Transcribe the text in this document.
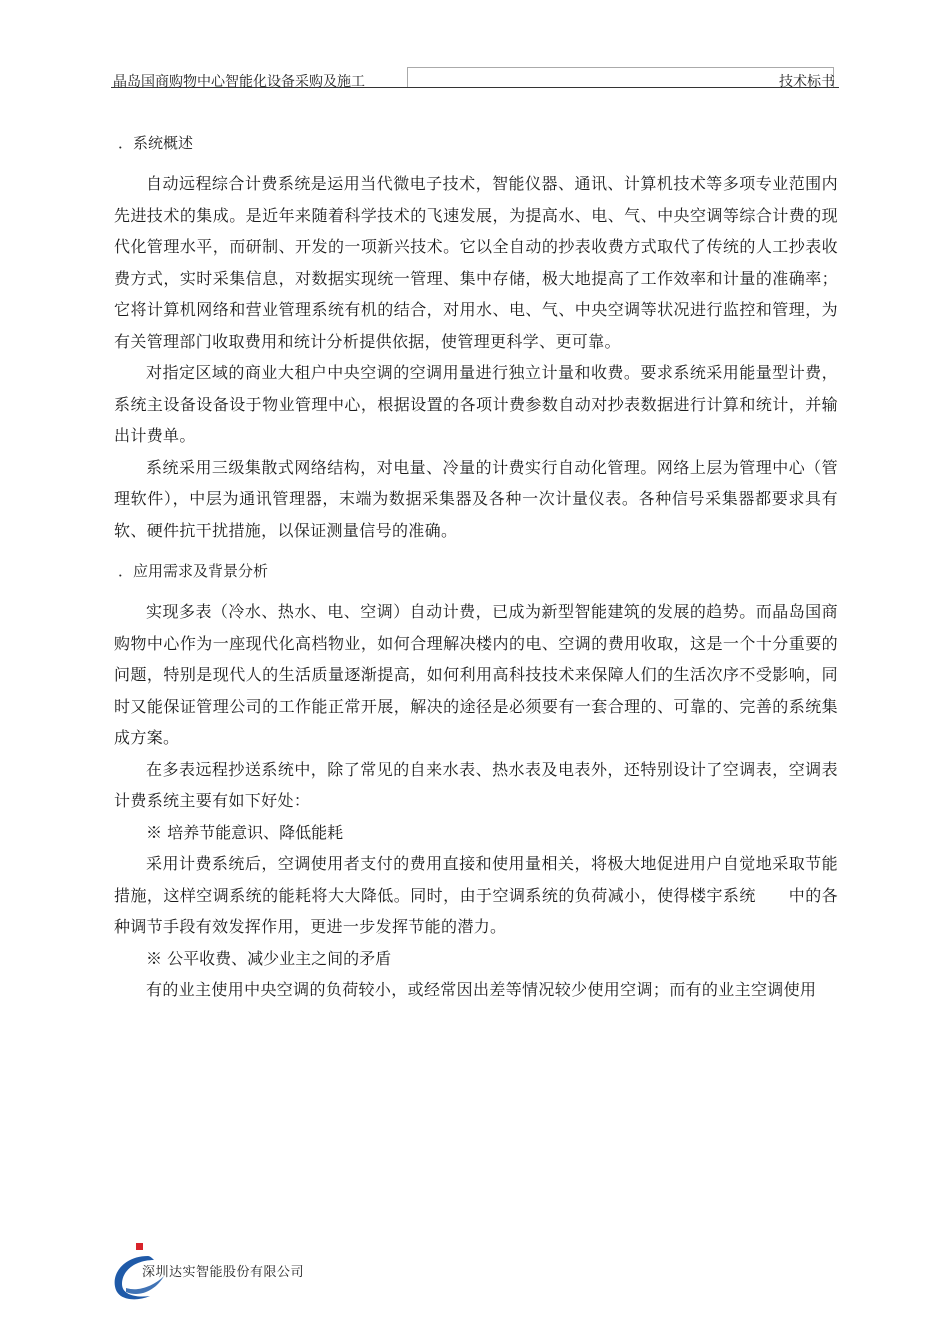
晶岛国商购物中心智能化设备采购及施工	技术标书

．系统概述

自动远程综合计费系统是运用当代微电子技术，智能仪器、通讯、计算机技术等多项专业范围内先进技术的集成。是近年来随着科学技术的飞速发展，为提高水、电、气、中央空调等综合计费的现代化管理水平，而研制、开发的一项新兴技术。它以全自动的抄表收费方式取代了传统的人工抄表收费方式，实时采集信息，对数据实现统一管理、集中存储，极大地提高了工作效率和计量的准确率；它将计算机网络和营业管理系统有机的结合，对用水、电、气、中央空调等状况进行监控和管理，为有关管理部门收取费用和统计分析提供依据，使管理更科学、更可靠。

对指定区域的商业大租户中央空调的空调用量进行独立计量和收费。要求系统采用能量型计费，系统主设备设备设于物业管理中心，根据设置的各项计费参数自动对抄表数据进行计算和统计，并输出计费单。

系统采用三级集散式网络结构，对电量、冷量的计费实行自动化管理。网络上层为管理中心（管理软件），中层为通讯管理器，末端为数据采集器及各种一次计量仪表。各种信号采集器都要求具有软、硬件抗干扰措施，以保证测量信号的准确。

．应用需求及背景分析

实现多表（冷水、热水、电、空调）自动计费，已成为新型智能建筑的发展的趋势。而晶岛国商购物中心作为一座现代化高档物业，如何合理解决楼内的电、空调的费用收取，这是一个十分重要的问题，特别是现代人的生活质量逐渐提高，如何利用高科技技术来保障人们的生活次序不受影响，同时又能保证管理公司的工作能正常开展，解决的途径是必须要有一套合理的、可靠的、完善的系统集成方案。

在多表远程抄送系统中，除了常见的自来水表、热水表及电表外，还特别设计了空调表，空调表计费系统主要有如下好处：

※ 培养节能意识、降低能耗

采用计费系统后，空调使用者支付的费用直接和使用量相关，将极大地促进用户自觉地采取节能措施，这样空调系统的能耗将大大降低。同时，由于空调系统的负荷减小，使得楼宇系统　　中的各种调节手段有效发挥作用，更进一步发挥节能的潜力。

※ 公平收费、减少业主之间的矛盾

有的业主使用中央空调的负荷较小，或经常因出差等情况较少使用空调；而有的业主空调使用

深圳达实智能股份有限公司
